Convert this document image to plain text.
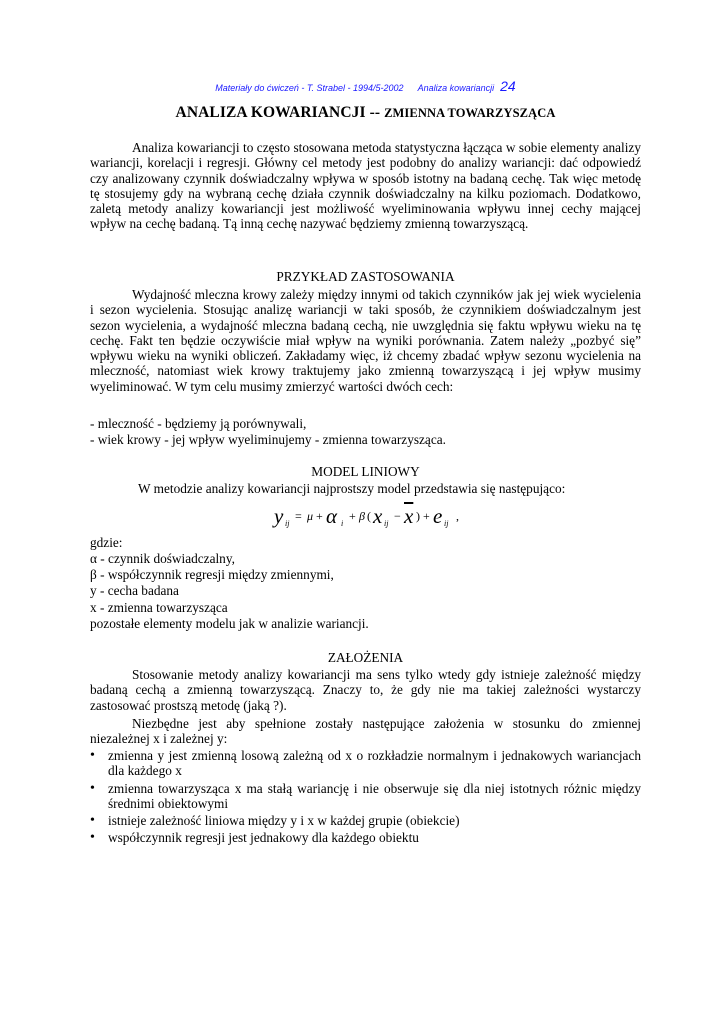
Materiały do ćwiczeń - T. Strabel - 1994/5-2002 Analiza kowariancji 24
ANALIZA KOWARIANCJI -- ZMIENNA TOWARZYSZĄCA

Analiza kowariancji to często stosowana metoda statystyczna łącząca w sobie elementy analizy wariancji, korelacji i regresji. Główny cel metody jest podobny do analizy wariancji: dać odpowiedź czy analizowany czynnik doświadczalny wpływa w sposób istotny na badaną cechę. Tak więc metodę tę stosujemy gdy na wybraną cechę działa czynnik doświadczalny na kilku poziomach. Dodatkowo, zaletą metody analizy kowariancji jest możliwość wyeliminowania wpływu innej cechy mającej wpływ na cechę badaną. Tą inną cechę nazywać będziemy zmienną towarzyszącą.

PRZYKŁAD ZASTOSOWANIA

Wydajność mleczna krowy zależy między innymi od takich czynników jak jej wiek wycielenia i sezon wycielenia. Stosując analizę wariancji w taki sposób, że czynnikiem doświadczalnym jest sezon wycielenia, a wydajność mleczna badaną cechą, nie uwzględnia się faktu wpływu wieku na tę cechę. Fakt ten będzie oczywiście miał wpływ na wyniki porównania. Zatem należy „pozbyć się” wpływu wieku na wyniki obliczeń. Zakładamy więc, iż chcemy zbadać wpływ sezonu wycielenia na mleczność, natomiast wiek krowy traktujemy jako zmienną towarzyszącą i jej wpływ musimy wyeliminować. W tym celu musimy zmierzyć wartości dwóch cech:

- mleczność - będziemy ją porównywali,
- wiek krowy - jej wpływ wyeliminujemy - zmienna towarzysząca.
MODEL LINIOWY
W metodzie analizy kowariancji najprostszy model przedstawia się następująco:
y ij
= μ + α i
+ β ( x ij
− $\overline{x}$ ) + e ij
,
gdzie:
α - czynnik doświadczalny,
β - współczynnik regresji między zmiennymi,
y - cecha badana
x - zmienna towarzysząca
pozostałe elementy modelu jak w analizie wariancji.
ZAŁOŻENIA

Stosowanie metody analizy kowariancji ma sens tylko wtedy gdy istnieje zależność między badaną cechą a zmienną towarzyszącą. Znaczy to, że gdy nie ma takiej zależności wystarczy zastosować prostszą metodę (jaką ?).

Niezbędne jest aby spełnione zostały następujące założenia w stosunku do zmiennej niezależnej x i zależnej y:

• zmienna y jest zmienną losową zależną od x o rozkładzie normalnym i jednakowych wariancjach dla każdego x
• zmienna towarzysząca x ma stałą wariancję i nie obserwuje się dla niej istotnych różnic między średnimi obiektowymi
• istnieje zależność liniowa między y i x w każdej grupie (obiekcie)
• współczynnik regresji jest jednakowy dla każdego obiektu
